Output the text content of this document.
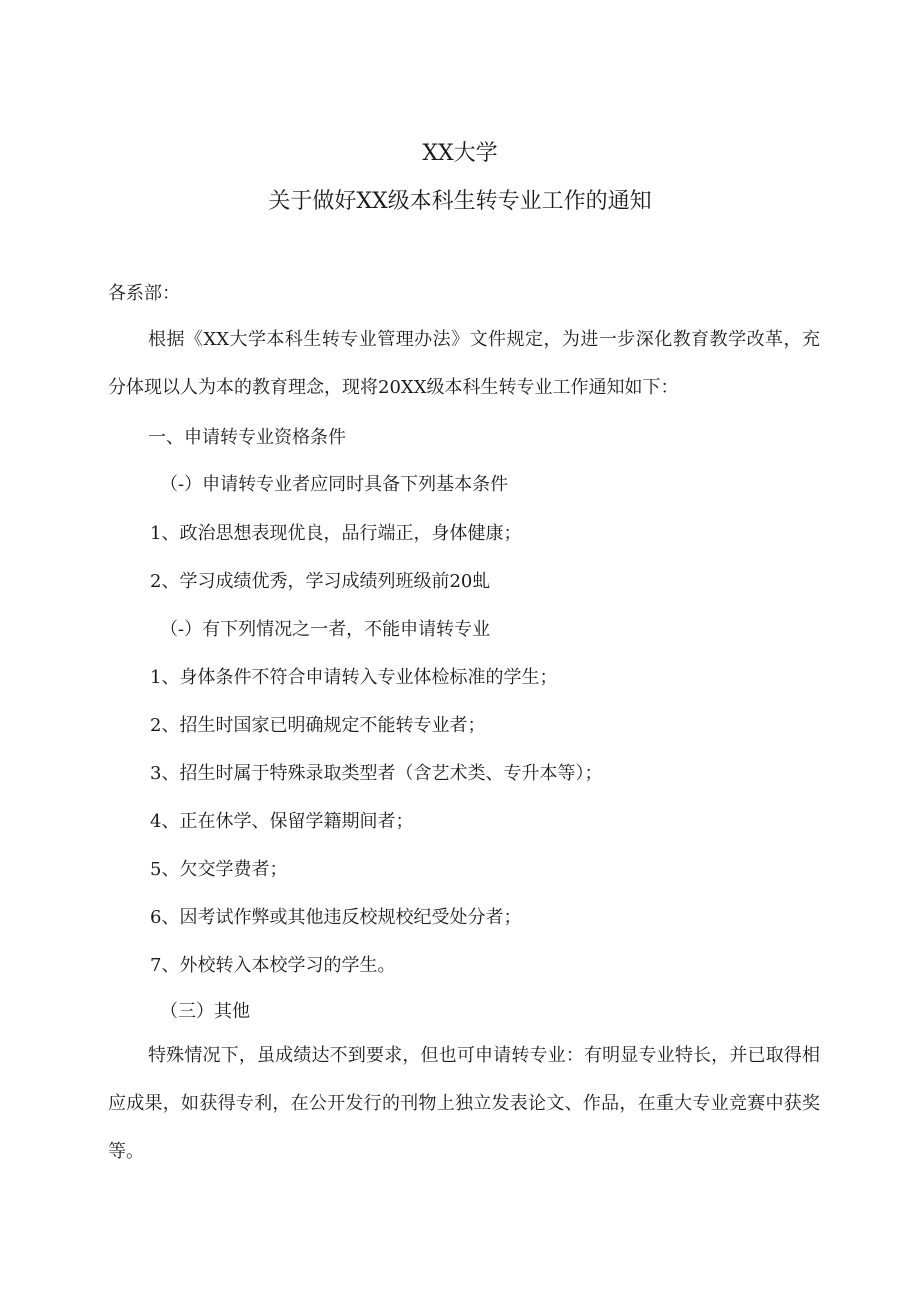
XX大学
关于做好XX级本科生转专业工作的通知
各系部：
根据《XX大学本科生转专业管理办法》文件规定，为进一步深化教育教学改革，充分体现以人为本的教育理念，现将20XX级本科生转专业工作通知如下：
一、申请转专业资格条件
（-）申请转专业者应同时具备下列基本条件
1、政治思想表现优良，品行端正，身体健康；
2、学习成绩优秀，学习成绩列班级前20虬
（-）有下列情况之一者，不能申请转专业
1、身体条件不符合申请转入专业体检标准的学生；
2、招生时国家已明确规定不能转专业者；
3、招生时属于特殊录取类型者（含艺术类、专升本等）；
4、正在休学、保留学籍期间者；
5、欠交学费者；
6、因考试作弊或其他违反校规校纪受处分者；
7、外校转入本校学习的学生。
（三）其他
特殊情况下，虽成绩达不到要求，但也可申请转专业：有明显专业特长，并已取得相应成果，如获得专利，在公开发行的刊物上独立发表论文、作品，在重大专业竞赛中获奖等。
